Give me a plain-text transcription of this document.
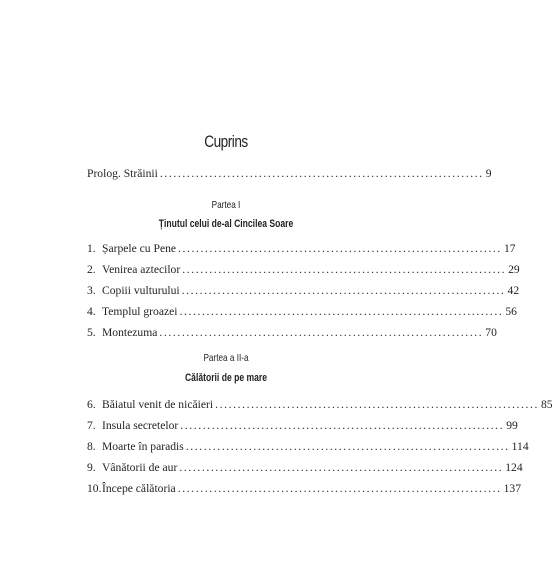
Cuprins
Prolog. Străinii ........................................................................ 9
Partea I
Ținutul celui de-al Cincilea Soare
1. Șarpele cu Pene ........................................................................ 17
2. Venirea aztecilor ........................................................................ 29
3. Copiii vulturului ........................................................................ 42
4. Templul groazei ........................................................................ 56
5. Montezuma ........................................................................ 70
Partea a II-a
Călătorii de pe mare
6. Băiatul venit de nicăieri ........................................................................ 85
7. Insula secretelor ........................................................................ 99
8. Moarte în paradis ........................................................................ 114
9. Vânătorii de aur ........................................................................ 124
10. Începe călătoria ........................................................................ 137
